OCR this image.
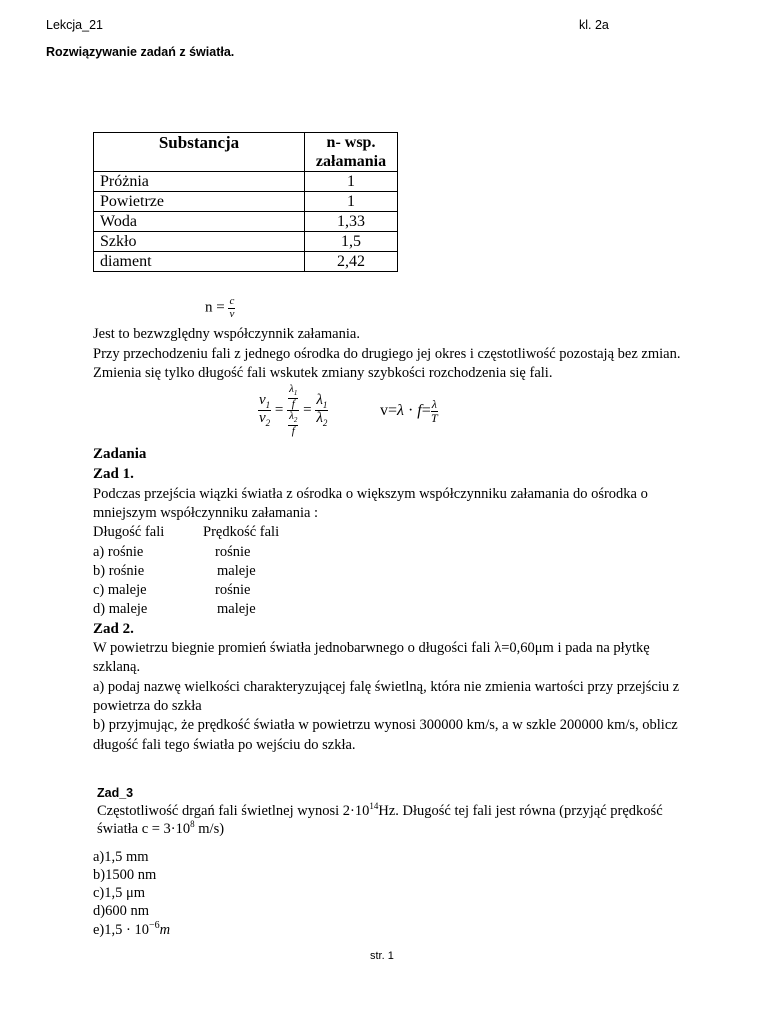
Lekcja_21	kl. 2a
Rozwiązywanie zadań z światła.
Substancja	n- wsp. załamania
Próżnia	1
Powietrze	1
Woda	1,33
Szkło	1,5
diament	2,42
$n = \frac{c}{v}$
Jest to bezwzględny współczynnik załamania.
Przy przechodzeniu fali z jednego ośrodka do drugiego jej okres i częstotliwość pozostają bez zmian.
Zmienia się tylko długość fali wskutek zmiany szybkości rozchodzenia się fali.
$\frac{v_1}{v_2} = \frac{\frac{\lambda_1}{f}}{\frac{\lambda_2}{f}} = \frac{\lambda_1}{\lambda_2}$	$v=\lambda \cdot f= \frac{\lambda}{T}$
Zadania
Zad 1.
Podczas przejścia wiązki światła z ośrodka o większym współczynniku załamania do ośrodka o
mniejszym współczynniku załamania :
Długość fali	Prędkość fali
a) rośnie	rośnie
b) rośnie	maleje
c) maleje	rośnie
d) maleje	maleje
Zad 2.
W powietrzu biegnie promień światła jednobarwnego o długości fali λ=0,60μm i pada na płytkę
szklaną.
a) podaj nazwę wielkości charakteryzującej falę świetlną, która nie zmienia wartości przy przejściu z
powietrza do szkła
b) przyjmując, że prędkość światła w powietrzu wynosi 300000 km/s, a w szkle 200000 km/s, oblicz
długość fali tego światła po wejściu do szkła.
Zad_3
Częstotliwość drgań fali świetlnej wynosi $2\cdot 10^{14}Hz$. Długość tej fali jest równa (przyjąć prędkość
światła $c = 3\cdot 10^8$ m/s)
a)1,5 mm
b)1500 nm
c)1,5 μm
d)600 nm
$e)1,5 \cdot 10^{-6}m$
str. 1
